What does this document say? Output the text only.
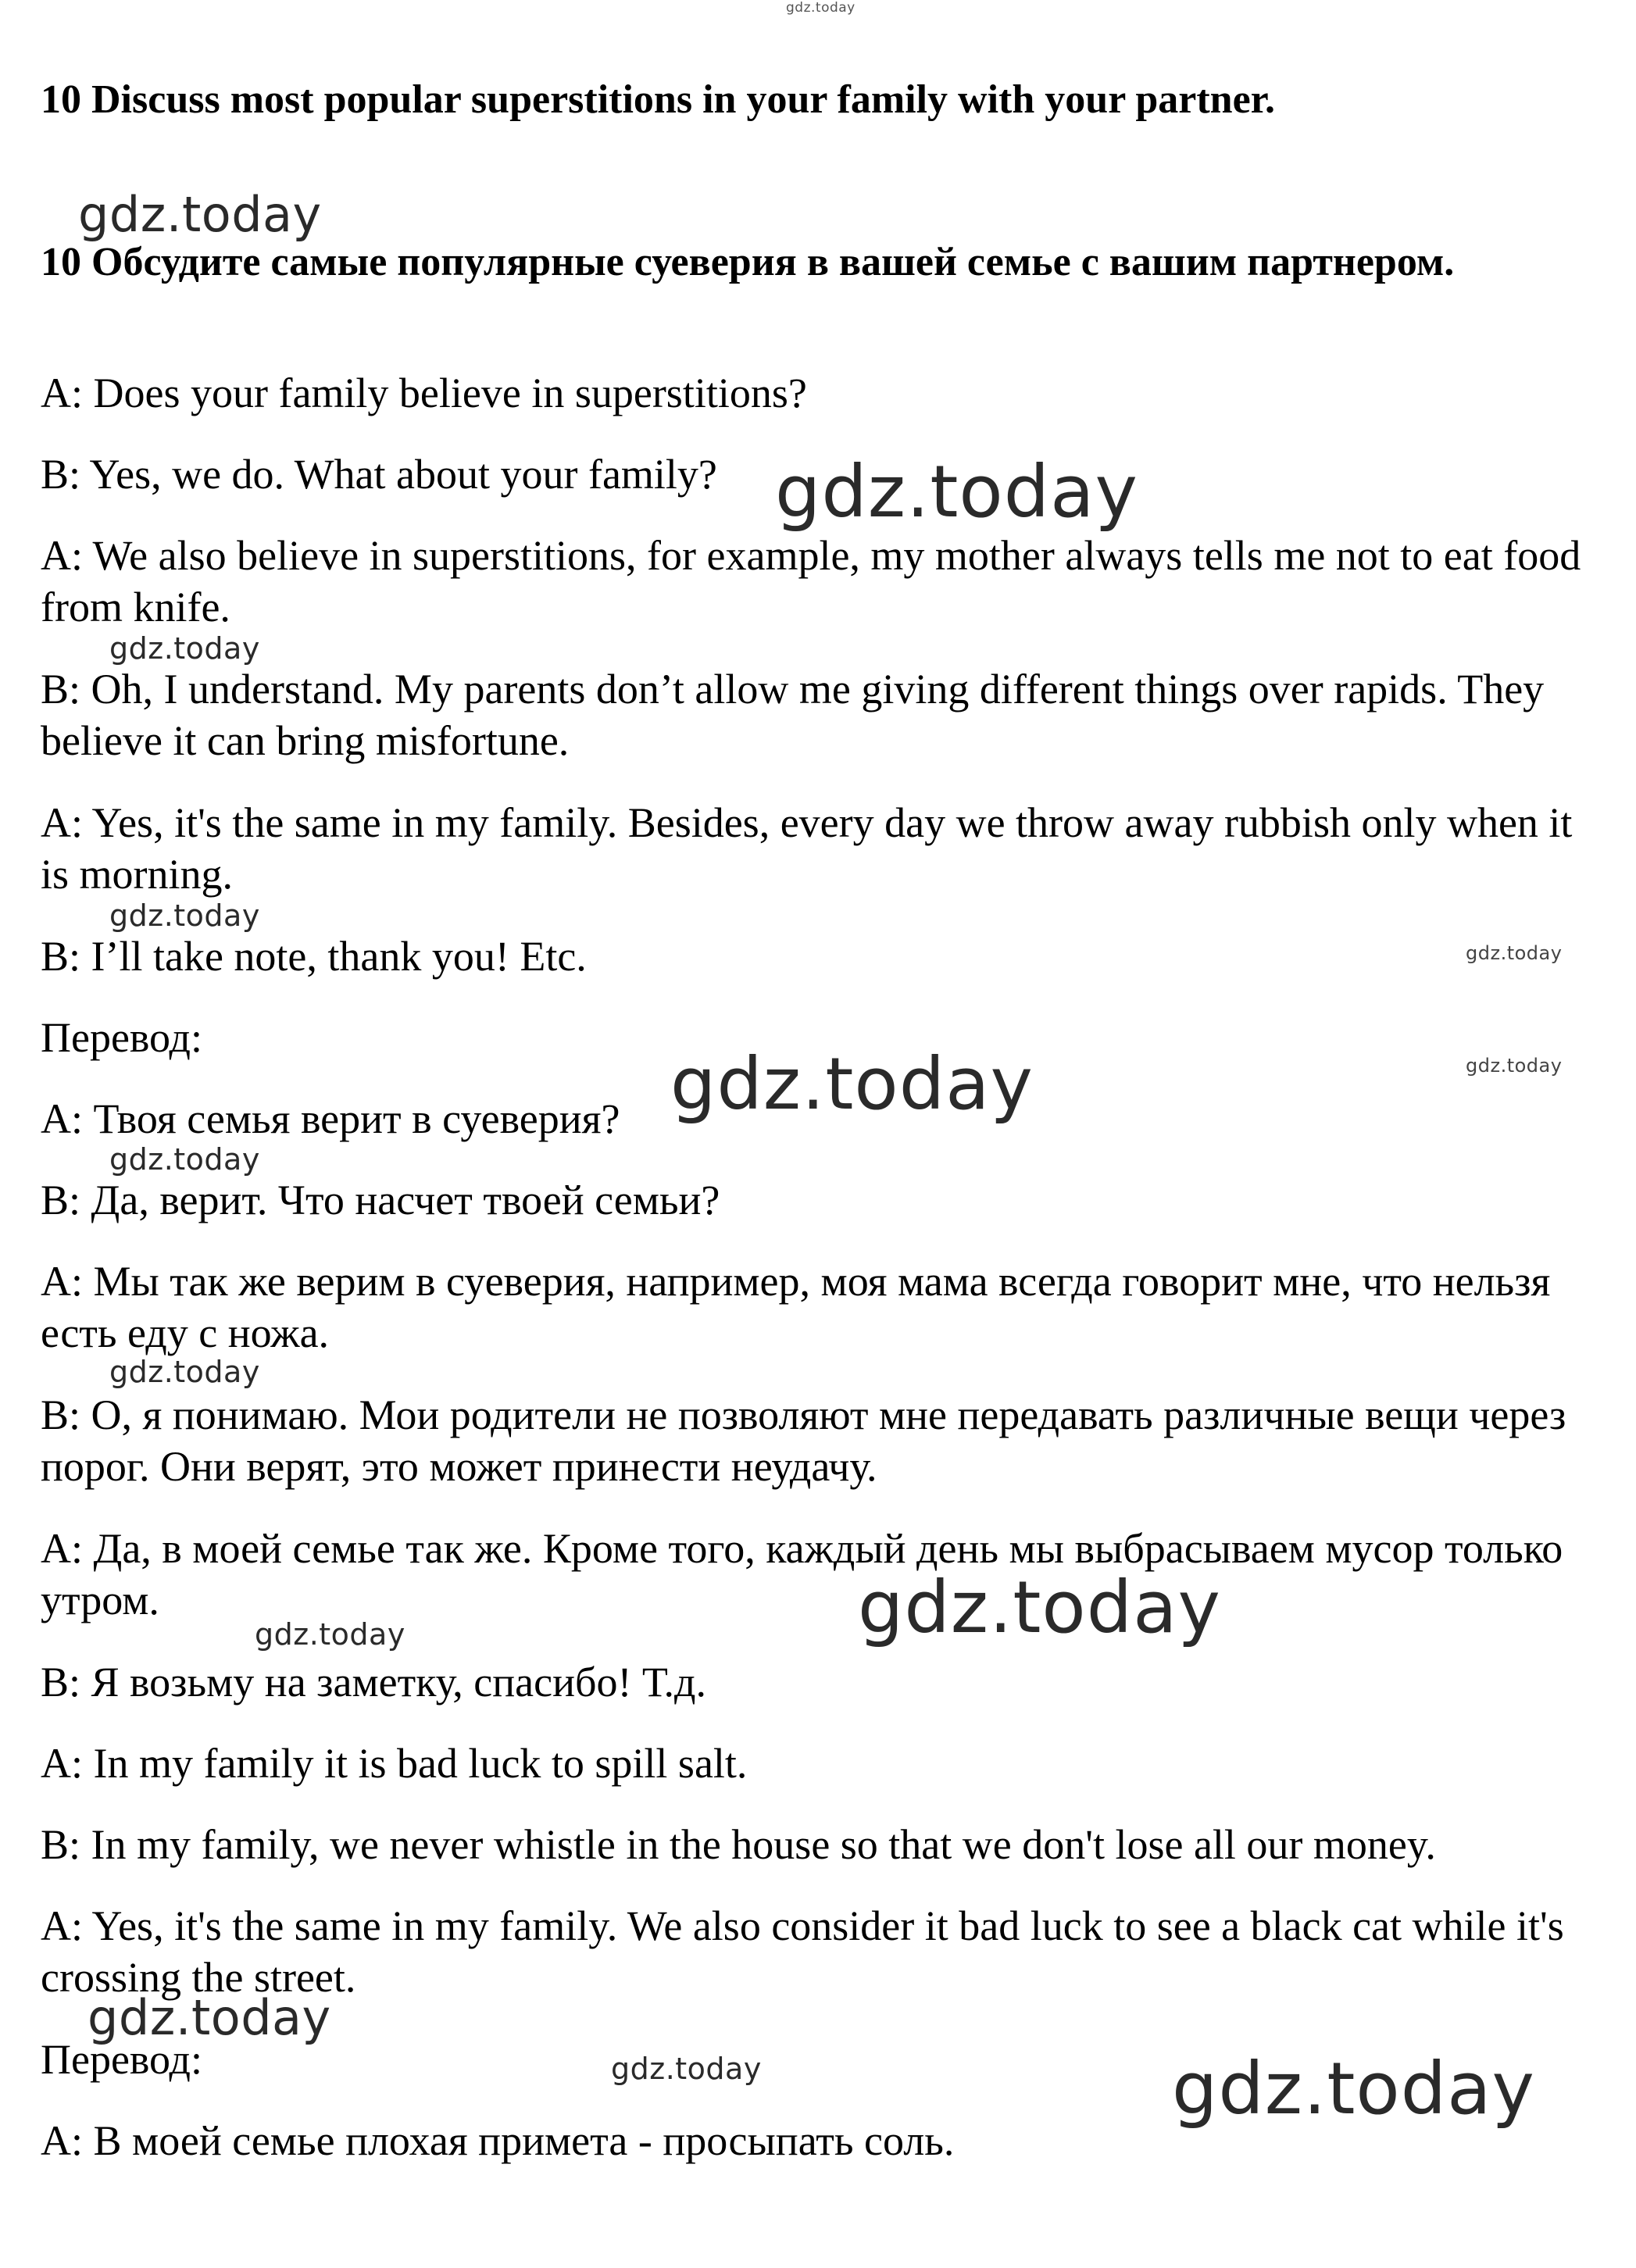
10 Discuss most popular superstitions in your family with your partner.

10 Обсудите самые популярные суеверия в вашей семье с вашим партнером.

A: Does your family believe in superstitions?

B: Yes, we do. What about your family?

A: We also believe in superstitions, for example, my mother always tells me not to eat food from knife.

B: Oh, I understand. My parents don’t allow me giving different things over rapids. They believe it can bring misfortune.

A: Yes, it's the same in my family. Besides, every day we throw away rubbish only when it is morning.

B: I’ll take note, thank you! Etc.

Перевод:

A: Твоя семья верит в суеверия?

B: Да, верит. Что насчет твоей семьи?

A: Мы так же верим в суеверия, например, моя мама всегда говорит мне, что нельзя есть еду с ножа.

B: О, я понимаю. Мои родители не позволяют мне передавать различные вещи через порог. Они верят, это может принести неудачу.

A: Да, в моей семье так же. Кроме того, каждый день мы выбрасываем мусор только утром.

B: Я возьму на заметку, спасибо! Т.д.

A: In my family it is bad luck to spill salt.

B: In my family, we never whistle in the house so that we don't lose all our money.

A: Yes, it's the same in my family. We also consider it bad luck to see a black cat while it's crossing the street.

Перевод:

A: В моей семье плохая примета - просыпать соль.

gdz.today
gdz.today
gdz.today
gdz.today
gdz.today
gdz.today
gdz.today	gdz.today
gdz.today
gdz.today
gdz.today
gdz.today
gdz.today
gdz.today	gdz.today
